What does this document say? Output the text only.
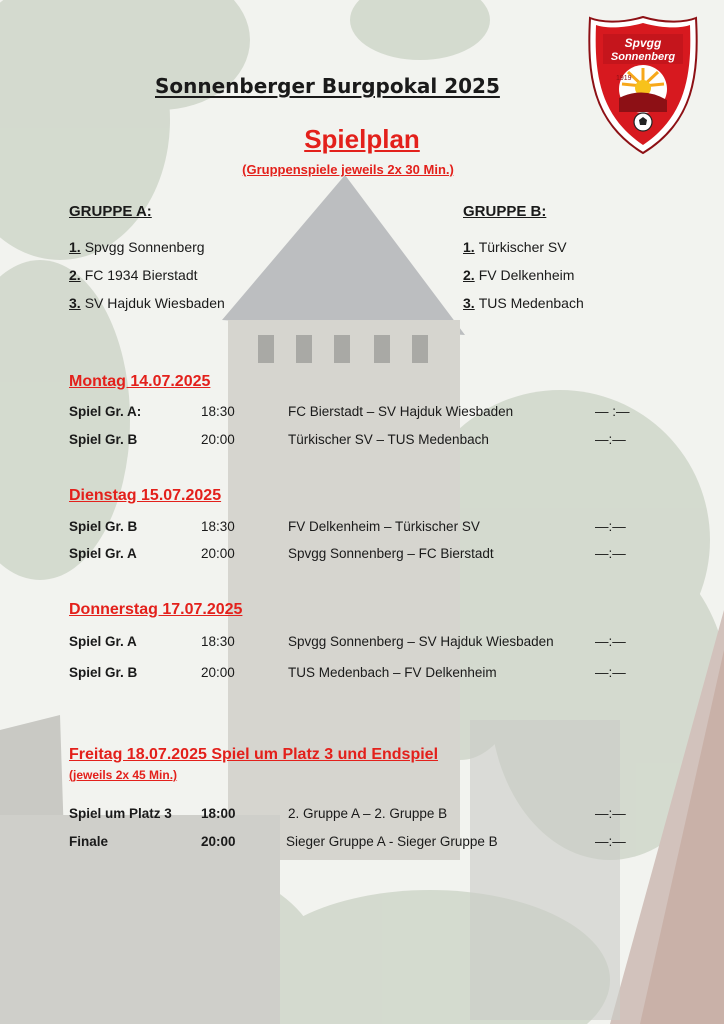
Spvgg
Sonnenberg
1919
Sonnenberger Burgpokal 2025
Spielplan
(Gruppenspiele jeweils 2x 30 Min.)
GRUPPE A:
1. Spvgg Sonnenberg
2. FC 1934 Bierstadt
3. SV Hajduk Wiesbaden
GRUPPE B:
1. Türkischer SV
2. FV Delkenheim
3. TUS Medenbach
Montag 14.07.2025
Spiel Gr. A:	18:30	FC Bierstadt – SV Hajduk Wiesbaden	— :—
Spiel Gr. B	20:00	Türkischer SV – TUS Medenbach	—:—
Dienstag 15.07.2025
Spiel Gr. B	18:30	FV Delkenheim – Türkischer SV	—:—
Spiel Gr. A	20:00	Spvgg Sonnenberg – FC Bierstadt	—:—
Donnerstag 17.07.2025
Spiel Gr. A	18:30	Spvgg Sonnenberg – SV Hajduk Wiesbaden	—:—
Spiel Gr. B	20:00	TUS Medenbach – FV Delkenheim	—:—
Freitag 18.07.2025 Spiel um Platz 3 und Endspiel
(jeweils 2x 45 Min.)
Spiel um Platz 3 18:00	2. Gruppe A – 2. Gruppe B	—:—
Finale	20:00	Sieger Gruppe A - Sieger Gruppe B	—:—
